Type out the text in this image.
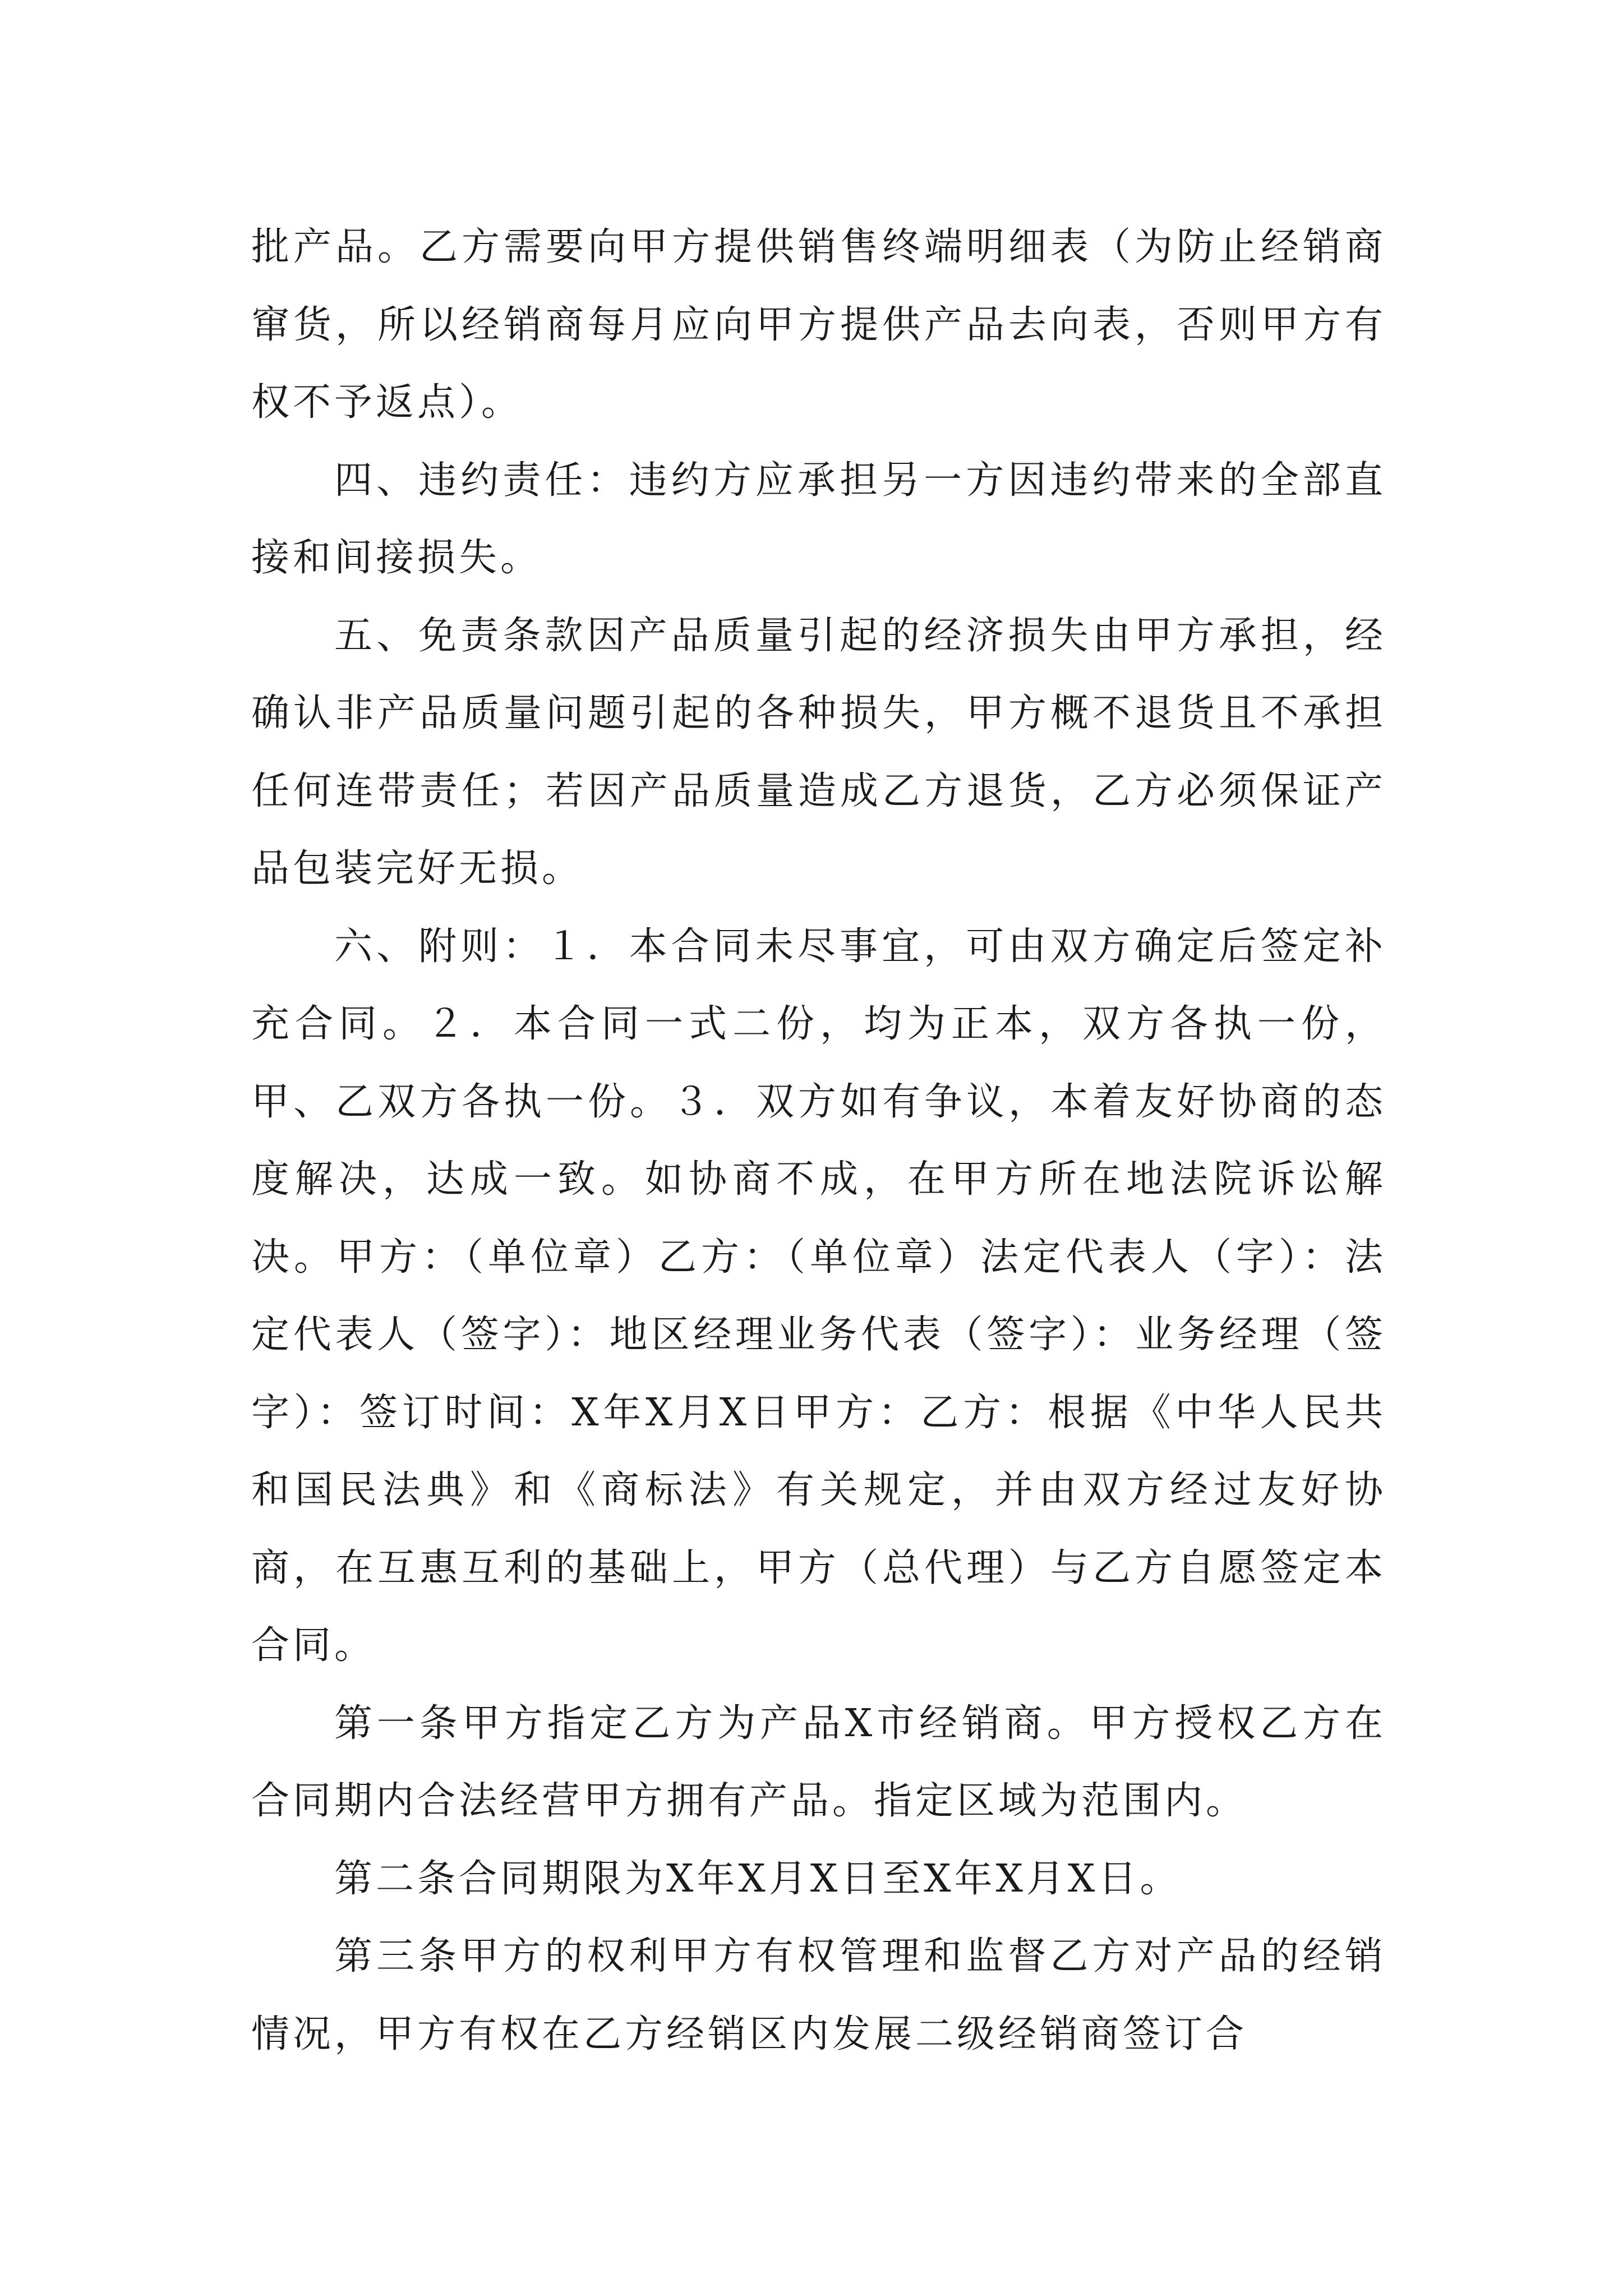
批产品。乙方需要向甲方提供销售终端明细表（为防止经销商窜货，所以经销商每月应向甲方提供产品去向表，否则甲方有权不予返点）。

四、违约责任：违约方应承担另一方因违约带来的全部直接和间接损失。

五、免责条款因产品质量引起的经济损失由甲方承担，经确认非产品质量问题引起的各种损失，甲方概不退货且不承担任何连带责任；若因产品质量造成乙方退货，乙方必须保证产品包装完好无损。

六、附则：１．本合同未尽事宜，可由双方确定后签定补充合同。２．本合同一式二份，均为正本，双方各执一份，甲、乙双方各执一份。３．双方如有争议，本着友好协商的态度解决，达成一致。如协商不成，在甲方所在地法院诉讼解决。甲方：（单位章）乙方：（单位章）法定代表人（字）：法定代表人（签字）：地区经理业务代表（签字）：业务经理（签字）：签订时间：X年X月X日甲方：乙方：根据《中华人民共和国民法典》和《商标法》有关规定，并由双方经过友好协商，在互惠互利的基础上，甲方（总代理）与乙方自愿签定本合同。

第一条甲方指定乙方为产品X市经销商。甲方授权乙方在合同期内合法经营甲方拥有产品。指定区域为范围内。

第二条合同期限为X年X月X日至X年X月X日。

第三条甲方的权利甲方有权管理和监督乙方对产品的经销情况，甲方有权在乙方经销区内发展二级经销商签订合
